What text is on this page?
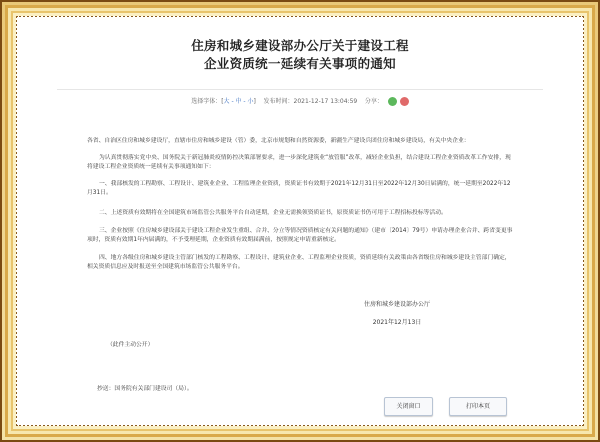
住房和城乡建设部办公厅关于建设工程
企业资质统一延续有关事项的通知
选择字体：[大 - 中 - 小] 发布时间：2021-12-17 13:04:59 分享：
各省、自治区住房和城乡建设厅，直辖市住房和城乡建设（管）委，北京市规划和自然资源委，新疆生产建设兵团住房和城乡建设局，有关中央企业：
为认真贯彻落实党中央、国务院关于新冠肺炎疫情防控决策部署要求，进一步深化建筑业“放管服”改革，减轻企业负担，结合建设工程企业资质改革工作安排，现将建设工程企业资质统一延续有关事项通知如下：
一、我部核发的工程勘察、工程设计、建筑业企业、工程监理企业资质，资质证书有效期于2021年12月31日至2022年12月30日届满的，统一延期至2022年12月31日。
二、上述资质有效期将在全国建筑市场监管公共服务平台自动延期，企业无需换领资质证书，原资质证书仍可用于工程招标投标等活动。
三、企业按照《住房城乡建设部关于建设工程企业发生重组、合并、分立等情况资质核定有关问题的通知》（建市〔2014〕79号）申请办理企业合并、跨省变更事项时，资质有效期1年内届满的，不予受理延期，企业资质有效期届满前，按照规定申请重新核定。
四、地方各级住房和城乡建设主管部门核发的工程勘察、工程设计、建筑业企业、工程监理企业资质，资质延续有关政策由各省级住房和城乡建设主管部门确定，相关资质信息应及时报送至全国建筑市场监管公共服务平台。
（此件主动公开）
抄送：国务院有关部门建设司（局）。
住房和城乡建设部办公厅
2021年12月13日
关闭窗口	打印本页
